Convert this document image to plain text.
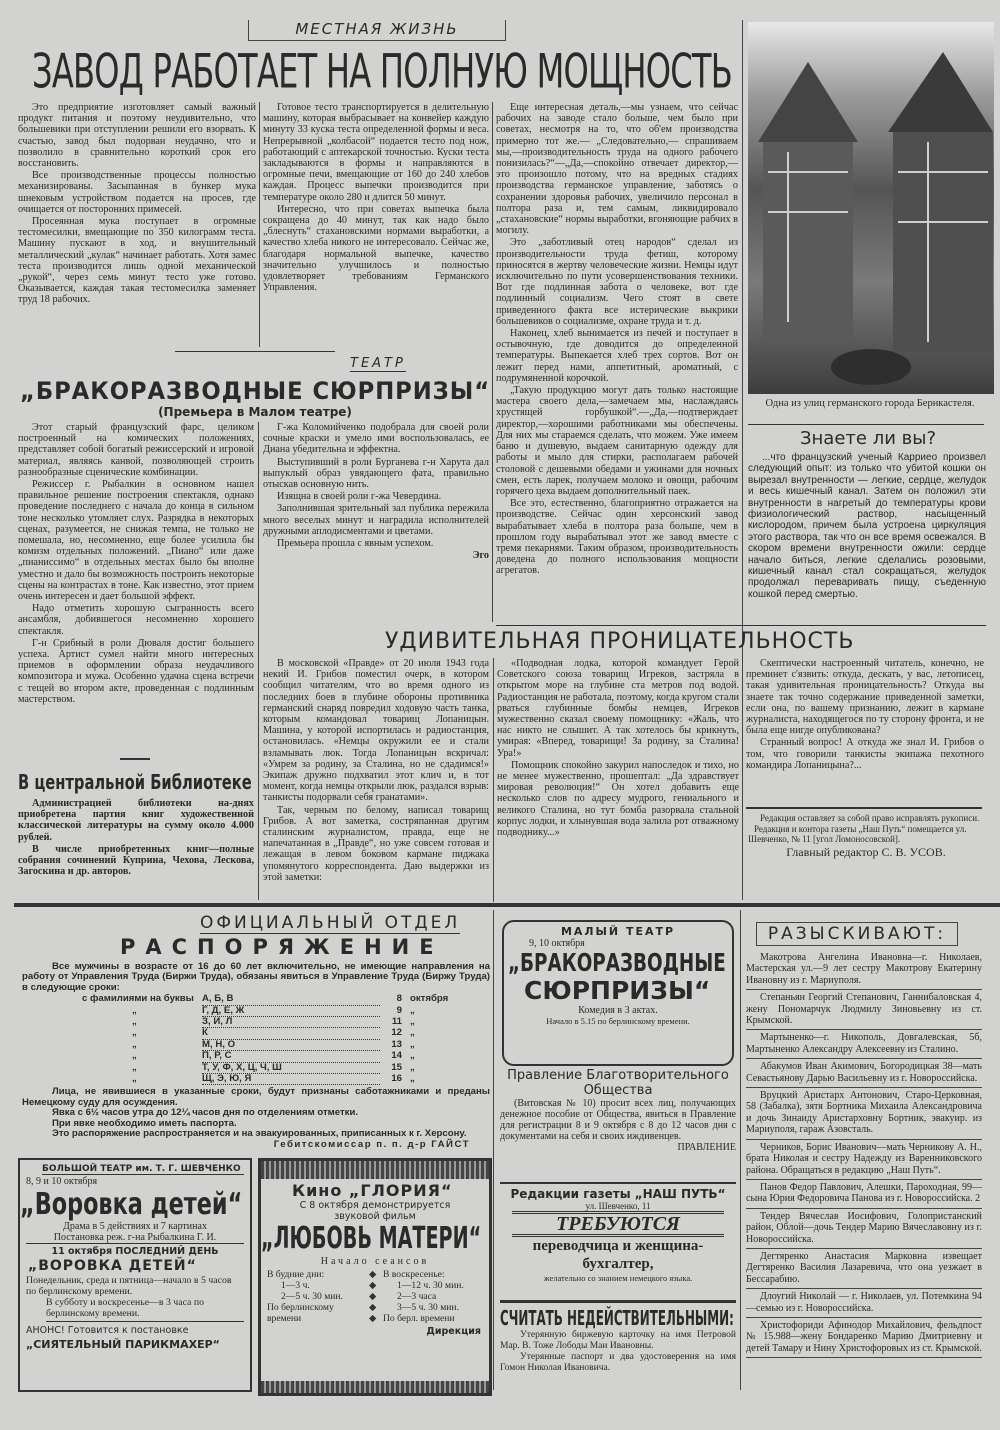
МЕСТНАЯ ЖИЗНЬ
ЗАВОД РАБОТАЕТ НА ПОЛНУЮ МОЩНОСТЬ

Это предприятие изготовляет самый важный продукт питания и поэтому неудивительно, что большевики при отступлении решили его взорвать. К счастью, завод был подорван неудачно, что и позволило в сравнительно короткий срок его восстановить.

Все производственные процессы полностью механизированы. Засыпанная в бункер мука шнековым устройством подается на просев, где очищается от посторонних примесей.

Просеянная мука поступает в огромные тестомесилки, вмещающие по 350 килограмм теста. Машину пускают в ход, и внушительный металлический „кулак“ начинает работать. Хотя замес теста производится лишь одной механической „рукой“, через семь минут тесто уже готово. Оказывается, каждая такая тестомесилка заменяет труд 18 рабочих.

Готовое тесто транспортируется в делительную машину, которая выбрасывает на конвейер каждую минуту 33 куска теста определенной формы и веса. Непрерывной „колбасой“ подается тесто под нож, работающий с аптекарской точностью. Куски теста закладываются в формы и направляются в огромные печи, вмещающие от 160 до 240 хлебов каждая. Процесс выпечки производится при температуре около 280 и длится 50 минут.

Интересно, что при советах выпечка была сокращена до 40 минут, так как надо было „блеснуть“ стахановскими нормами выработки, а качество хлеба никого не интересовало. Сейчас же, благодаря нормальной выпечке, качество значительно улучшилось и полностью удовлетворяет требованиям Германского Управления.

Еще интересная деталь,—мы узнаем, что сейчас рабочих на заводе стало больше, чем было при советах, несмотря на то, что об'ем производства примерно тот же.— „Следовательно,— спрашиваем мы,—производительность труда на одного рабочего понизилась?“—„Да,—спокойно отвечает директор,—это произошло потому, что на вредных стадиях производства германское управление, заботясь о сохранении здоровья рабочих, увеличило персонал в полтора раза и, тем самым, ликвидировало „стахановские“ нормы выработки, вгоняющие рабчих в могилу.

Это „заботливый отец народов“ сделал из производительности труда фетиш, которому приносятся в жертву человеческие жизни. Немцы идут исключительно по пути усовершенствования техники. Вот где подлинная забота о человеке, вот где подлинный социализм. Чего стоят в свете приведенного факта все истерические выкрики большевиков о социализме, охране труда и т. д.

Наконец, хлеб вынимается из печей и поступает в остывочную, где доводится до определенной температуры. Выпекается хлеб трех сортов. Вот он лежит перед нами, аппетитный, ароматный, с подрумяненной корочкой.

„Такую продукцию могут дать только настоящие мастера своего дела,—замечаем мы, наслаждаясь хрустящей горбушкой“.—„Да,—подтверждает директор,—хорошими работниками мы обеспечены. Для них мы стараемся сделать, что можем. Уже имеем баню и душевую, выдаем санитарную одежду для работы и мыло для стирки, располагаем рабочей столовой с дешевыми обедами и ужинами для ночных смен, есть ларек, получаем молоко и овощи, рабочим горячего цеха выдаем дополнительный паек.

Все это, естественно, благоприятно отражается на производстве. Сейчас один херсонский завод вырабатывает хлеба в полтора раза больше, чем в прошлом году вырабатывал этот же завод вместе с тремя пекарнями. Таким образом, производительность доведена до полного использования мощности агрегатов.

ТЕАТР
„БРАКОРАЗВОДНЫЕ СЮРПРИЗЫ“
(Премьера в Малом театре)

Этот старый французский фарс, целиком построенный на комических положениях, представляет собой богатый режиссерский и игровой материал, являясь канвой, позволяющей строить разнообразные сценические комбинации.

Режиссер г. Рыбалкин в основном нашел правильное решение построения спектакля, однако проведение последнего с начала до конца в сильном тоне несколько утомляет слух. Разрядка в некоторых сценах, разумеется, не снижая темпа, не только не помешала, но, несомненно, еще более усилила бы комизм отдельных положений. „Пиано“ или даже „пианиссимо“ в отдельных местах было бы вполне уместно и дало бы возможность построить некоторые сцены на контрастах в тоне. Как известно, этот прием очень интересен и дает большой эффект.

Надо отметить хорошую сыгранность всего ансамбля, добившегося несомненно хорошего спектакля.

Г-н Срибный в роли Дюваля достиг большего успеха. Артист сумел найти много интересных приемов в оформлении образа неудачливого композитора и мужа. Особенно удачна сцена встречи с тещей во втором акте, проведенная с подлинным мастерством.

Г-жа Коломийченко подобрала для своей роли сочные краски и умело ими воспользовалась, ее Диана убедительна и эффектна.

Выступивший в роли Бурганева г-н Харута дал выпуклый образ увядающего фата, правильно отыскав основную нить.

Изящна в своей роли г-жа Чевердина.

Заполнившая зрительный зал публика пережила много веселых минут и наградила исполнителей дружными аплодисментами и цветами.

Премьера прошла с явным успехом.

Эго
В центральной Библиотеке

Администрацией библиотеки на-днях приобретена партия книг художественной классической литературы на сумму около 4.000 рублей.

В числе приобретенных книг—полные собрания сочинений Куприна, Чехова, Лескова, Загоскина и др. авторов.

Одна из улиц германского города Бернкастеля.
Знаете ли вы?

...что французский ученый Карриео произвел следующий опыт: из только что убитой кошки он вырезал внутренности — легкие, сердце, желудок и весь кишечный канал. Затем он положил эти внутренности в нагретый до температуры крови физиологический раствор, насыщенный кислородом, причем была устроена циркуляция этого раствора, так что он все время освежался. В скором времени внутренности ожили: сердце начало биться, легкие сделались розовыми, кишечный канал стал сокращаться, желудок продолжал переваривать пищу, съеденную кошкой перед смертью.

УДИВИТЕЛЬНАЯ ПРОНИЦАТЕЛЬНОСТЬ

В московской «Правде» от 20 июля 1943 года некий И. Грибов поместил очерк, в котором сообщил читателям, что во время одного из последних боев в глубине обороны противника германский снаряд повредил ходовую часть танка, которым командовал товарищ Лопаницын. Машина, у которой испортилась и радиостанция, остановилась. «Немцы окружили ее и стали взламывать люк. Тогда Лопаницын вскричал: «Умрем за родину, за Сталина, но не сдадимся!» Экипаж дружно подхватил этот клич и, в тот момент, когда немцы открыли люк, раздался взрыв: танкисты подорвали себя гранатами».

Так, черным по белому, написал товарищ Грибов. А вот заметка, состряпанная другим сталинским журналистом, правда, еще не напечатанная в „Правде“, но уже совсем готовая и лежащая в левом боковом кармане пиджака упомянутого корреспондента. Даю выдержки из этой заметки:

«Подводная лодка, которой командует Герой Советского союза товарищ Игреков, застряла в открытом море на глубине ста метров под водой. Радиостанция не работала, поэтому, когда кругом стали рваться глубинные бомбы немцев, Игреков мужественно сказал своему помощнику: «Жаль, что нас никто не слышит. А так хотелось бы крикнуть, умирая: «Вперед, товарищи! За родину, за Сталина! Ура!»

Помощник спокойно закурил напоследок и тихо, но не менее мужественно, прошептал: „Да здравствует мировая революция!“ Он хотел добавить еще несколько слов по адресу мудрого, гениального и великого Сталина, но тут бомба разорвала стальной корпус лодки, и хлынувшая вода залила рот отважному подводнику...»

Скептически настроенный читатель, конечно, не преминет с'язвить: откуда, дескать, у вас, летописец, такая удивительная проницательность? Откуда вы знаете так точно содержание приведенной заметки, если она, по вашему признанию, лежит в кармане журналиста, находящегося по ту сторону фронта, и не была еще нигде опубликована?

Странный вопрос! А откуда же знал И. Грибов о том, что говорили танкисты экипажа пехотного командира Лопаницына?...

Редакция оставляет за собой право исправлять рукописи.
Редакция и контора газеты „Наш Путь“ помещается ул. Шевченко, № 11 [угол Ломоносовской].
Главный редактор С. В. УСОВ.
ОФИЦИАЛЬНЫЙ ОТДЕЛ
РАСПОРЯЖЕНИЕ
Все мужчины в возрасте от 16 до 60 лет включительно, не имеющие направления на работу от Управления Труда (Биржи Труда), обязаны явиться в Управление Труда (Биржу Труда) в следующие сроки:
с фамилиями на буквы А, Б, В	8 октября
„	Г, Д, Е, Ж	9 „
„	З, И, Л	11 „
„	К	12 „
„	М, Н, О	13 „
„	П, Р, С	14 „
„	Т, У, Ф, Х, Ц, Ч, Ш	15 „
„	Щ, Э, Ю, Я	16 „
Лица, не явившиеся в указанные сроки, будут признаны саботажниками и преданы Немецкому суду для осуждения.
Явка с 6½ часов утра до 12¼ часов дня по отделениям отметки.
При явке необходимо иметь паспорта.
Это распоряжение распространяется и на эвакуированных, приписанных к г. Херсону.
Гебитскомиссар п. п. д-р ГАЙСТ
БОЛЬШОЙ ТЕАТР им. Т. Г. ШЕВЧЕНКО
8, 9 и 10 октября
„Воровка детей“
Драма в 5 действиях и 7 картинах
Постановка реж. г-на Рыбалкина Г. И.
11 октября ПОСЛЕДНИЙ ДЕНЬ
„ВОРОВКА ДЕТЕЙ“
Понедельник, среда и пятница—начало в 5 часов по берлинскому времени.
В субботу и воскресенье—в 3 часа по берлинскому времени.
АНОНС! Готовится к постановке
„СИЯТЕЛЬНЫЙ ПАРИКМАХЕР“
Кино „ГЛОРИЯ“
С 8 октября демонстрируется
звуковой фильм
„ЛЮБОВЬ МАТЕРИ“
Начало сеансов
В будние дни:
1—3 ч.
2—5 ч. 30 мин.
По берлинскому времени
◆
◆
◆
◆
◆
В воскресенье:
1—12 ч. 30 мин.
2—3 часа
3—5 ч. 30 мин.
По берл. времени
Дирекция
МАЛЫЙ ТЕАТР
9, 10 октября
„БРАКОРАЗВОДНЫЕ
СЮРПРИЗЫ“
Комедия в 3 актах.
Начало в 5.15 по берлинскому времени.
Правление Благотворительного Общества
(Витовская № 10) просит всех лиц, получающих денежное пособие от Общества, явиться в Правление для регистрации 8 и 9 октября с 8 до 12 часов дня с документами на себя и своих иждивенцев.
ПРАВЛЕНИЕ
Редакции газеты „НАШ ПУТЬ“
ул. Шевченко, 11
ТРЕБУЮТСЯ
переводчица и женщина-бухгалтер,
желательно со знанием немецкого языка.
СЧИТАТЬ НЕДЕЙСТВИТЕЛЬНЫМИ:
Утерянную биржевую карточку на имя Петровой Мар. В. Тоже Лободы Маи Ивановны.
Утерянные паспорт и два удостоверения на имя Гомон Николая Ивановича.
РАЗЫСКИВАЮТ:

Макотрова Ангелина Ивановна—г. Николаев, Мастерская ул.—9 лет сестру Макотрову Екатерину Ивановну из г. Мариуполя.

Степаньян Георгий Степанович, Ганнибаловская 4, жену Пономарчук Людмилу Зиновьевну из ст. Крымской.

Мартыненко—г. Никополь, Довгалевская, 5б, Мартыненко Александру Алексеевну из Сталино.

Абакумов Иван Акимович, Богородицкая 38—мать Севастьянову Дарью Васильевну из г. Новороссийска.

Вруцкий Аристарх Антонович, Старо-Церковная, 58 (Забалка), зятя Бортника Михаила Александровича и дочь Зинаиду Аристарховну Бортник, эвакуир. из Мариуполя, гараж Азовсталь.

Черников, Борис Иванович—мать Черникову А. Н., брата Николая и сестру Надежду из Варенниковского района. Обращаться в редакцию „Наш Путь“.

Панов Федор Павлович, Алешки, Пароходная, 99—сына Юрия Федоровича Панова из г. Новороссийска. 2

Тендер Вячеслав Иосифович, Голопристанский район, Облой—дочь Тендер Марию Вячеславовну из г. Новороссийска.

Дегтяренко Анастасия Марковна извещает Дегтяренко Василия Лазаревича, что она уезжает в Бессарабию.

Длоугий Николай — г. Николаев, ул. Потемкина 94—семью из г. Новороссийска.

Христофориди Афинодор Михайлович, фельдпост № 15.988—жену Бондаренко Марию Дмитриевну и детей Тамару и Нину Христофоровых из ст. Крымской.
